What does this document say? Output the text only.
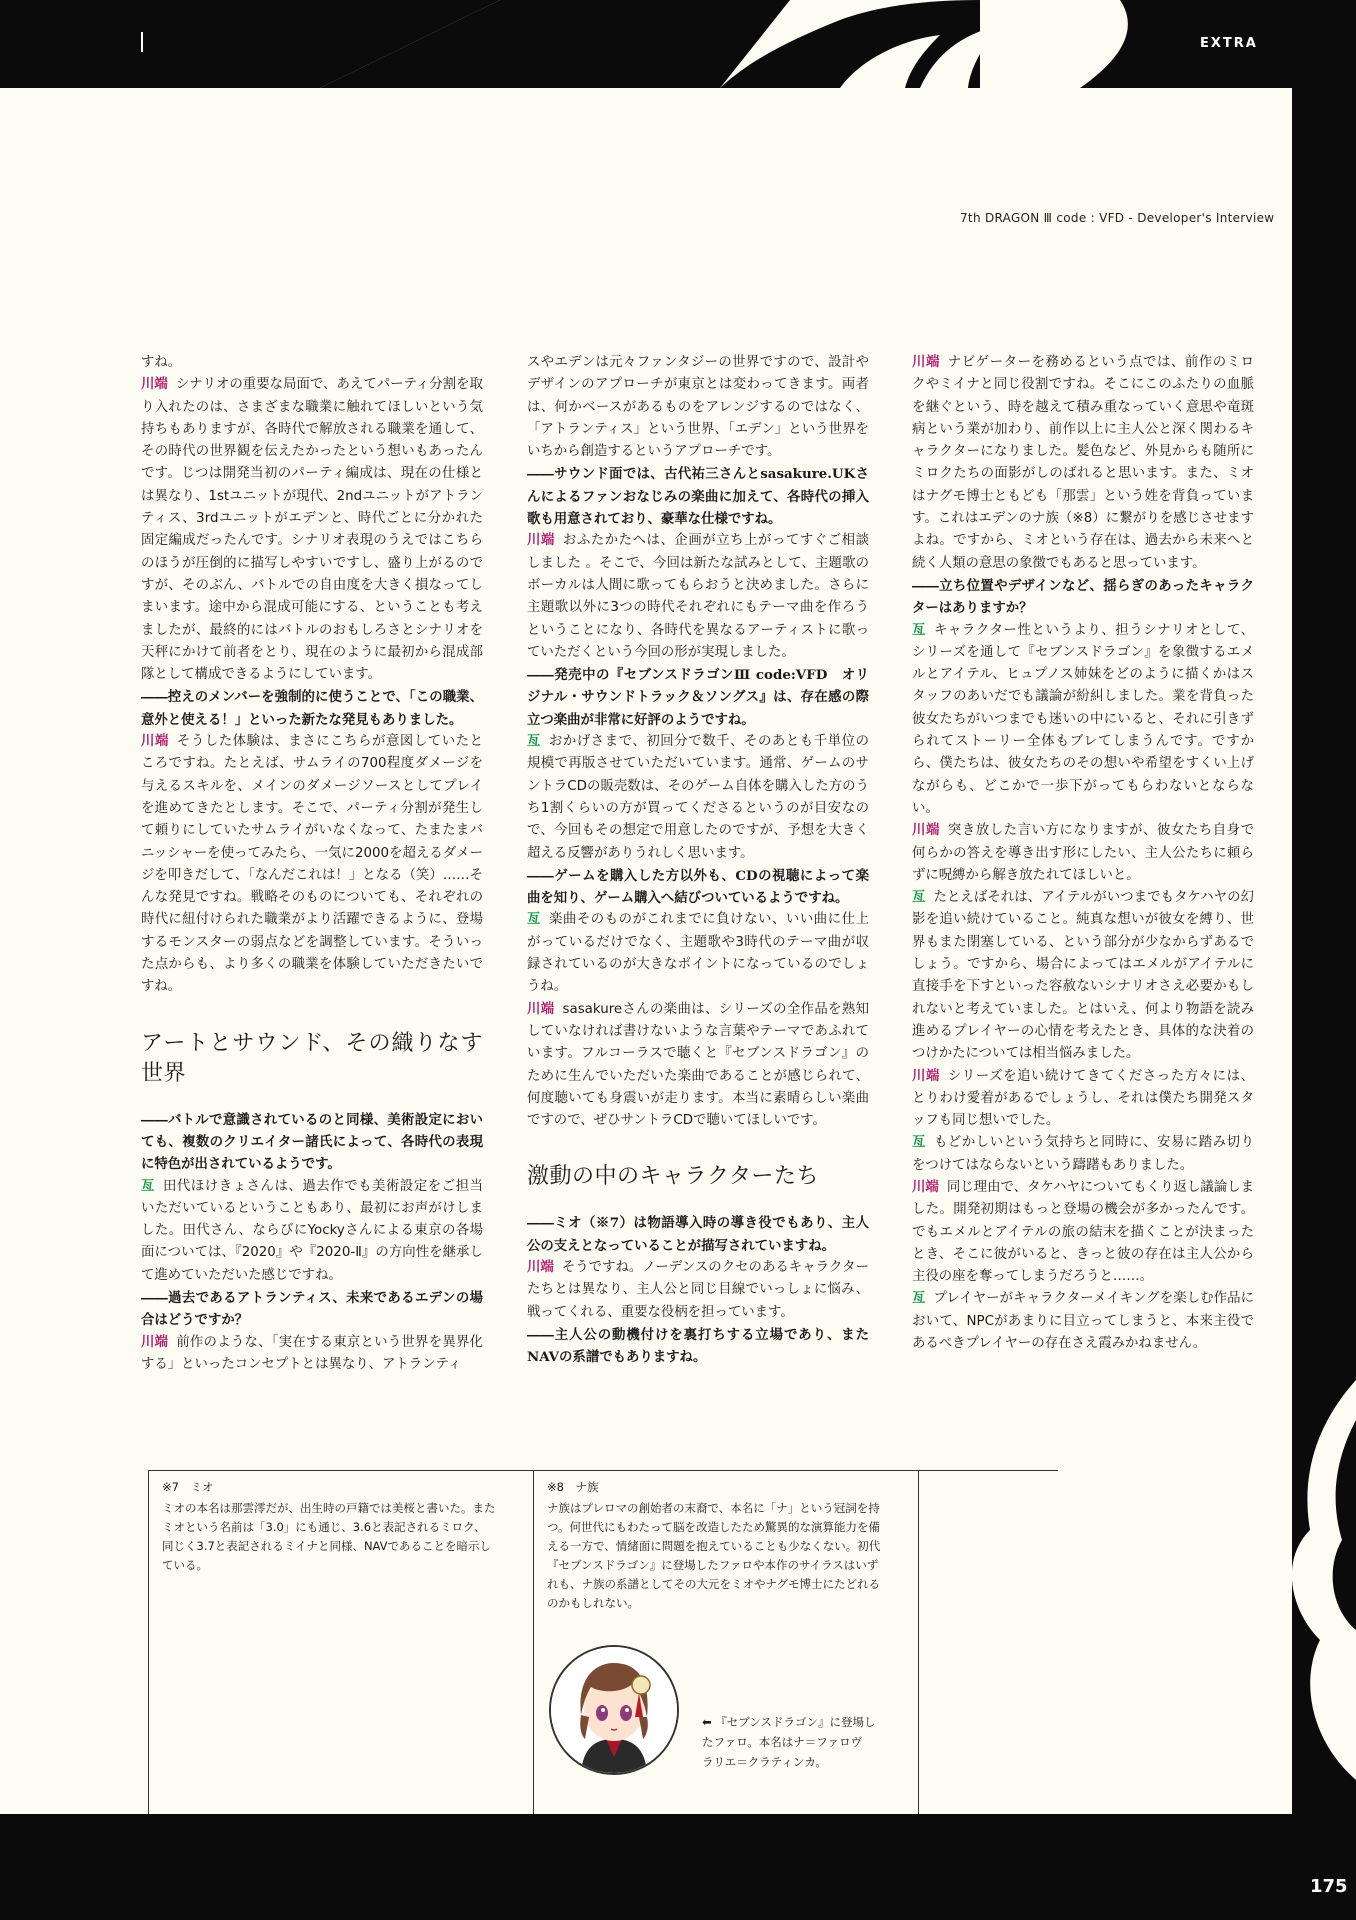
EXTRA
175
7th DRAGON Ⅲ code : VFD - Developer's Interview

すね。

川端 シナリオの重要な局面で、あえてパーティ分割を取り入れたのは、さまざまな職業に触れてほしいという気持ちもありますが、各時代で解放される職業を通して、その時代の世界観を伝えたかったという想いもあったんです。じつは開発当初のパーティ編成は、現在の仕様とは異なり、1stユニットが現代、2ndユニットがアトランティス、3rdユニットがエデンと、時代ごとに分かれた固定編成だったんです。シナリオ表現のうえではこちらのほうが圧倒的に描写しやすいですし、盛り上がるのですが、そのぶん、バトルでの自由度を大きく損なってしまいます。途中から混成可能にする、ということも考えましたが、最終的にはバトルのおもしろさとシナリオを天秤にかけて前者をとり、現在のように最初から混成部隊として構成できるようにしています。

――控えのメンバーを強制的に使うことで、「この職業、意外と使える！」といった新たな発見もありました。

川端 そうした体験は、まさにこちらが意図していたところですね。たとえば、サムライの700程度ダメージを与えるスキルを、メインのダメージソースとしてプレイを進めてきたとします。そこで、パーティ分割が発生して頼りにしていたサムライがいなくなって、たまたまバニッシャーを使ってみたら、一気に2000を超えるダメージを叩きだして、「なんだこれは！」となる（笑）……そんな発見ですね。戦略そのものについても、それぞれの時代に紐付けられた職業がより活躍できるように、登場するモンスターの弱点などを調整しています。そういった点からも、より多くの職業を体験していただきたいですね。

アートとサウンド、その織りなす世界

――バトルで意識されているのと同様、美術設定においても、複数のクリエイター諸氏によって、各時代の表現に特色が出されているようです。

亙 田代ほけきょさんは、過去作でも美術設定をご担当いただいているということもあり、最初にお声がけしました。田代さん、ならびにYockyさんによる東京の各場面については、『2020』や『2020-Ⅱ』の方向性を継承して進めていただいた感じですね。

――過去であるアトランティス、未来であるエデンの場合はどうですか？

川端 前作のような、「実在する東京という世界を異界化する」といったコンセプトとは異なり、アトランティ

スやエデンは元々ファンタジーの世界ですので、設計やデザインのアプローチが東京とは変わってきます。両者は、何かベースがあるものをアレンジするのではなく、「アトランティス」という世界、「エデン」という世界をいちから創造するというアプローチです。

――サウンド面では、古代祐三さんとsasakure.UKさんによるファンおなじみの楽曲に加えて、各時代の挿入歌も用意されており、豪華な仕様ですね。

川端 おふたかたへは、企画が立ち上がってすぐご相談しました 。そこで、今回は新たな試みとして、主題歌のボーカルは人間に歌ってもらおうと決めました。さらに主題歌以外に3つの時代それぞれにもテーマ曲を作ろうということになり、各時代を異なるアーティストに歌っていただくという今回の形が実現しました。

――発売中の『セブンスドラゴンⅢ code:VFD　オリジナル・サウンドトラック＆ソングス』は、存在感の際立つ楽曲が非常に好評のようですね。

亙 おかげさまで、初回分で数千、そのあとも千単位の規模で再版させていただいています。通常、ゲームのサントラCDの販売数は、そのゲーム自体を購入した方のうち1割くらいの方が買ってくださるというのが目安なので、今回もその想定で用意したのですが、予想を大きく超える反響がありうれしく思います。

――ゲームを購入した方以外も、CDの視聴によって楽曲を知り、ゲーム購入へ結びついているようですね。

亙 楽曲そのものがこれまでに負けない、いい曲に仕上がっているだけでなく、主題歌や3時代のテーマ曲が収録されているのが大きなポイントになっているのでしょうね。

川端 sasakureさんの楽曲は、シリーズの全作品を熟知していなければ書けないような言葉やテーマであふれています。フルコーラスで聴くと『セブンスドラゴン』のために生んでいただいた楽曲であることが感じられて、何度聴いても身震いが走ります。本当に素晴らしい楽曲ですので、ぜひサントラCDで聴いてほしいです。

激動の中のキャラクターたち

――ミオ（※7）は物語導入時の導き役でもあり、主人公の支えとなっていることが描写されていますね。

川端 そうですね。ノーデンスのクセのあるキャラクターたちとは異なり、主人公と同じ目線でいっしょに悩み、戦ってくれる、重要な役柄を担っています。

――主人公の動機付けを裏打ちする立場であり、またNAVの系譜でもありますね。

川端 ナビゲーターを務めるという点では、前作のミロクやミイナと同じ役割ですね。そこにこのふたりの血脈を継ぐという、時を越えて積み重なっていく意思や竜斑病という業が加わり、前作以上に主人公と深く関わるキャラクターになりました。髪色など、外見からも随所にミロクたちの面影がしのばれると思います。また、ミオはナグモ博士ともども「那雲」という姓を背負っています。これはエデンのナ族（※8）に繋がりを感じさせますよね。ですから、ミオという存在は、過去から未来へと続く人類の意思の象徴でもあると思っています。

――立ち位置やデザインなど、揺らぎのあったキャラクターはありますか？

亙 キャラクター性というより、担うシナリオとして、シリーズを通して『セブンスドラゴン』を象徴するエメルとアイテル、ヒュプノス姉妹をどのように描くかはスタッフのあいだでも議論が紛糾しました。業を背負った彼女たちがいつまでも迷いの中にいると、それに引きずられてストーリー全体もブレてしまうんです。ですから、僕たちは、彼女たちのその想いや希望をすくい上げながらも、どこかで一歩下がってもらわないとならない。

川端 突き放した言い方になりますが、彼女たち自身で何らかの答えを導き出す形にしたい、主人公たちに頼らずに呪縛から解き放たれてほしいと。

亙 たとえばそれは、アイテルがいつまでもタケハヤの幻影を追い続けていること。純真な想いが彼女を縛り、世界もまた閉塞している、という部分が少なからずあるでしょう。ですから、場合によってはエメルがアイテルに直接手を下すといった容赦ないシナリオさえ必要かもしれないと考えていました。とはいえ、何より物語を読み進めるプレイヤーの心情を考えたとき、具体的な決着のつけかたについては相当悩みました。

川端 シリーズを追い続けてきてくださった方々には、とりわけ愛着があるでしょうし、それは僕たち開発スタッフも同じ想いでした。

亙 もどかしいという気持ちと同時に、安易に踏み切りをつけてはならないという躊躇もありました。

川端 同じ理由で、タケハヤについてもくり返し議論しました。開発初期はもっと登場の機会が多かったんです。でもエメルとアイテルの旅の結末を描くことが決まったとき、そこに彼がいると、きっと彼の存在は主人公から主役の座を奪ってしまうだろうと……。

亙 プレイヤーがキャラクターメイキングを楽しむ作品において、NPCがあまりに目立ってしまうと、本来主役であるべきプレイヤーの存在さえ霞みかねません。

※7　ミオ
ミオの本名は那雲澪だが、出生時の戸籍では美桜と書いた。またミオという名前は「3.0」にも通じ、3.6と表記されるミロク、同じく3.7と表記されるミイナと同様、NAVであることを暗示している。
※8　ナ族
ナ族はプレロマの創始者の末裔で、本名に「ナ」という冠詞を持つ。何世代にもわたって脳を改造したため驚異的な演算能力を備える一方で、情緒面に問題を抱えていることも少なくない。初代『セブンスドラゴン』に登場したファロや本作のサイラスはいずれも、ナ族の系譜としてその大元をミオやナグモ博士にたどれるのかもしれない。
⬅ 『セブンスドラゴン』に登場し
たファロ。本名はナ＝ファロヴ
ラリエ＝クラティンカ。
